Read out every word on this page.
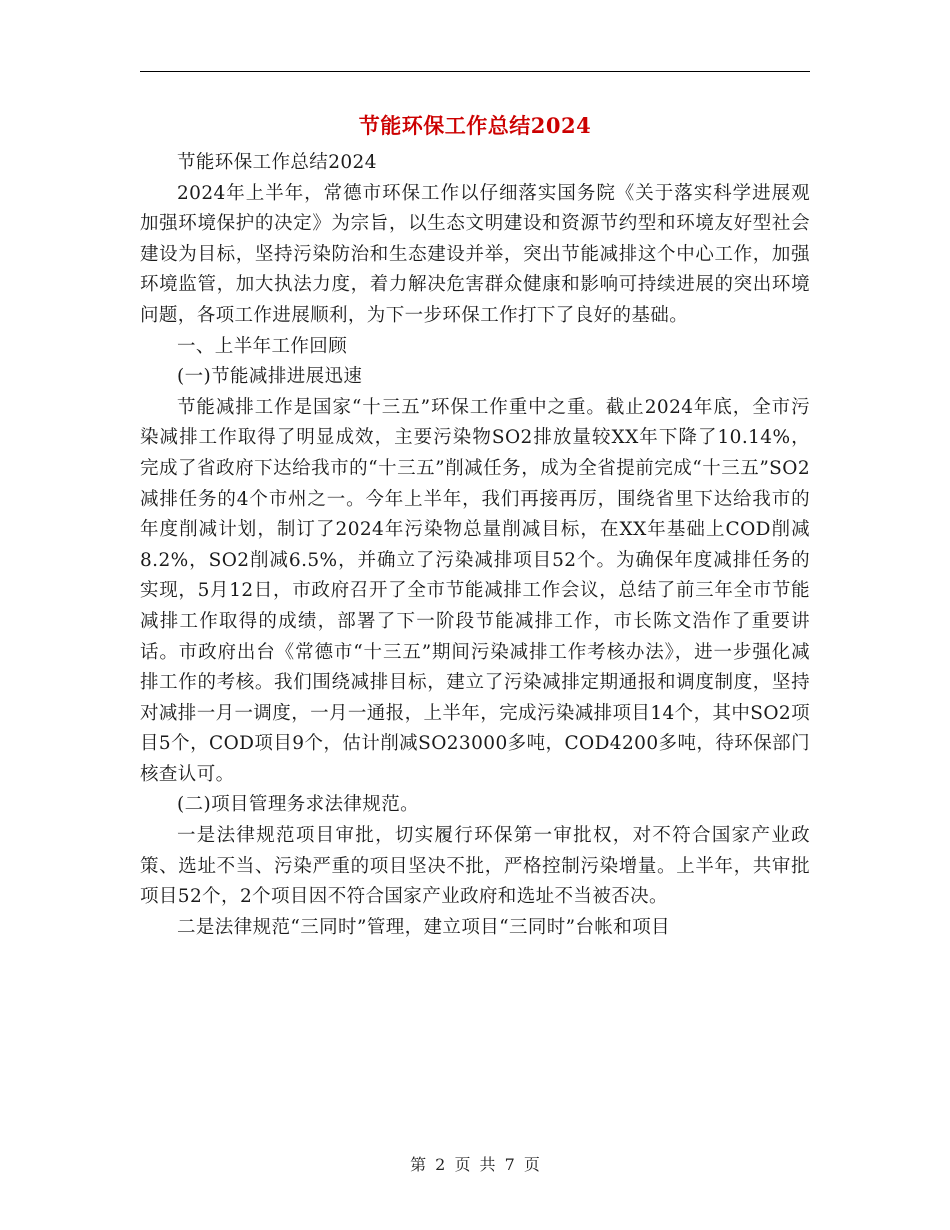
节能环保工作总结2024

节能环保工作总结2024

2024年上半年，常德市环保工作以仔细落实国务院《关于落实科学进展观加强环境保护的决定》为宗旨，以生态文明建设和资源节约型和环境友好型社会建设为目标，坚持污染防治和生态建设并举，突出节能减排这个中心工作，加强环境监管，加大执法力度，着力解决危害群众健康和影响可持续进展的突出环境问题，各项工作进展顺利，为下一步环保工作打下了良好的基础。

一、上半年工作回顾

(一)节能减排进展迅速

节能减排工作是国家“十三五”环保工作重中之重。截止2024年底，全市污染减排工作取得了明显成效，主要污染物SO2排放量较XX年下降了10.14%，完成了省政府下达给我市的“十三五”削减任务，成为全省提前完成“十三五”SO2减排任务的4个市州之一。今年上半年，我们再接再厉，围绕省里下达给我市的年度削减计划，制订了2024年污染物总量削减目标，在XX年基础上COD削减8.2%，SO2削减6.5%，并确立了污染减排项目52个。为确保年度减排任务的实现，5月12日，市政府召开了全市节能减排工作会议，总结了前三年全市节能减排工作取得的成绩，部署了下一阶段节能减排工作，市长陈文浩作了重要讲话。市政府出台《常德市“十三五”期间污染减排工作考核办法》，进一步强化减排工作的考核。我们围绕减排目标，建立了污染减排定期通报和调度制度，坚持对减排一月一调度，一月一通报，上半年，完成污染减排项目14个，其中SO2项目5个，COD项目9个，估计削减SO23000多吨，COD4200多吨，待环保部门核查认可。

(二)项目管理务求法律规范。

一是法律规范项目审批，切实履行环保第一审批权，对不符合国家产业政策、选址不当、污染严重的项目坚决不批，严格控制污染增量。上半年，共审批项目52个，2个项目因不符合国家产业政府和选址不当被否决。

二是法律规范“三同时”管理，建立项目“三同时”台帐和项目

第 2 页 共 7 页
